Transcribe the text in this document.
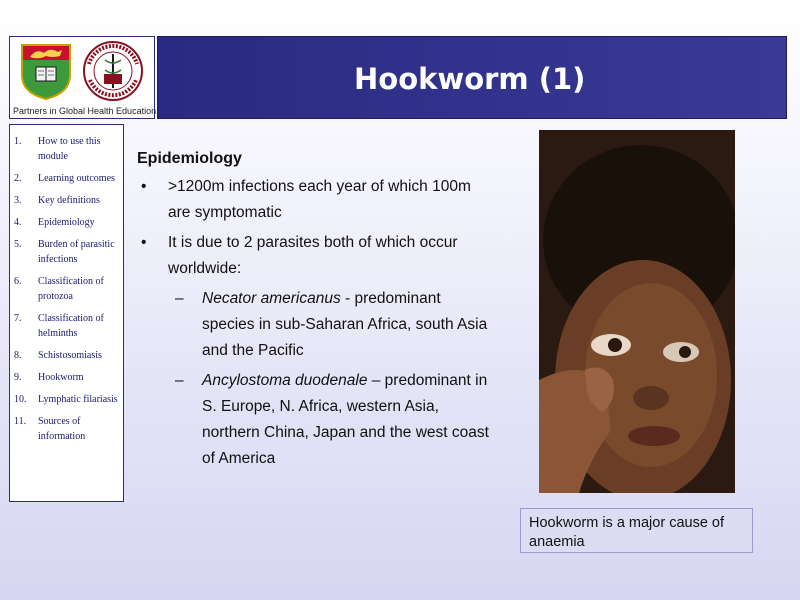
Partners in Global Health Education
Hookworm (1)
1.	How to use this module
2.	Learning outcomes
3.	Key definitions
4.	Epidemiology
5.	Burden of parasitic infections
6.	Classification of protozoa
7.	Classification of helminths
8.	Schistosomiasis
9.	Hookworm
10.	Lymphatic filariasis
11.	Sources of information
Epidemiology
• >1200m infections each year of which 100m are symptomatic
• It is due to 2 parasites both of which occur worldwide:
– Necator americanus - predominant species in sub-Saharan Africa, south Asia and the Pacific
– Ancylostoma duodenale – predominant in S. Europe, N. Africa, western Asia, northern China, Japan and the west coast of America
Hookworm is a major cause of anaemia
